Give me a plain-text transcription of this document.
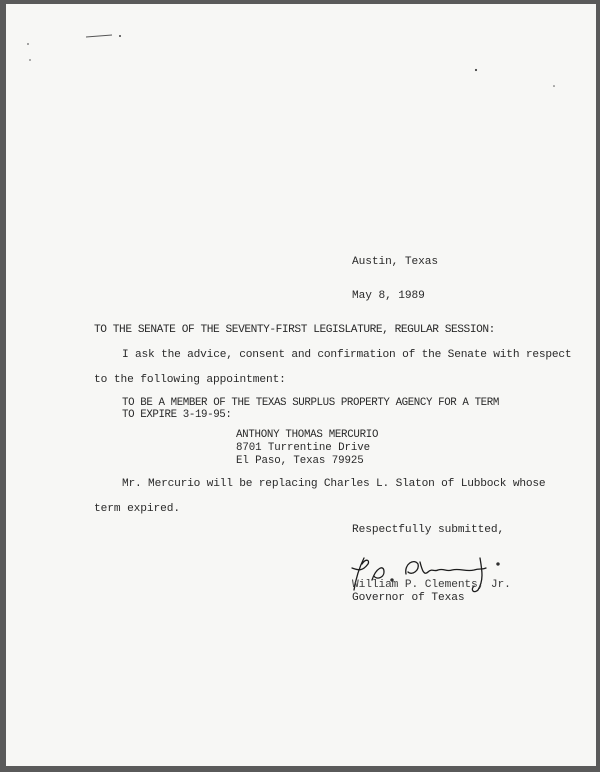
Austin, Texas
May 8, 1989
TO THE SENATE OF THE SEVENTY-FIRST LEGISLATURE, REGULAR SESSION:
I ask the advice, consent and confirmation of the Senate with respect
to the following appointment:
TO BE A MEMBER OF THE TEXAS SURPLUS PROPERTY AGENCY FOR A TERM
TO EXPIRE 3-19-95:
ANTHONY THOMAS MERCURIO
8701 Turrentine Drive
El Paso, Texas 79925
Mr. Mercurio will be replacing Charles L. Slaton of Lubbock whose
term expired.
Respectfully submitted,
William P. Clements, Jr.
Governor of Texas
